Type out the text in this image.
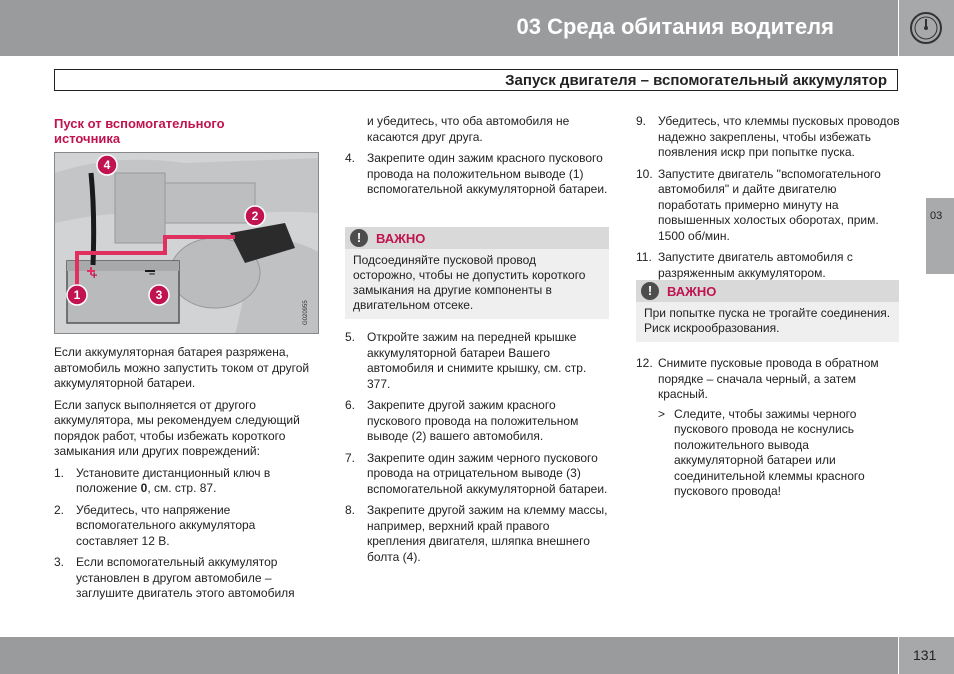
03 Среда обитания водителя
Запуск двигателя – вспомогательный аккумулятор
03
Пуск от вспомогательного
источника
4
2
1	3
+	–
G020955

Если аккумуляторная батарея разряжена, автомобиль можно запустить током от другой аккумуляторной батареи.

Если запуск выполняется от другого аккумулятора, мы рекомендуем следующий порядок работ, чтобы избежать короткого замыкания или других повреждений:

1. Установите дистанционный ключ в положение 0, см. стр. 87.
2. Убедитесь, что напряжение вспомогательного аккумулятора составляет 12 В.
3. Если вспомогательный аккумулятор установлен в другом автомобиле – заглушите двигатель этого автомобиля

и убедитесь, что оба автомобиля не касаются друг друга.

4. Закрепите один зажим красного пускового провода на положительном выводе (1) вспомогательной аккумуляторной батареи.
!	ВАЖНО
Подсоединяйте пусковой провод осторожно, чтобы не допустить короткого замыкания на другие компоненты в двигательном отсеке.
5. Откройте зажим на передней крышке аккумуляторной батареи Вашего автомобиля и снимите крышку, см. стр. 377.
6. Закрепите другой зажим красного пускового провода на положительном выводе (2) вашего автомобиля.
7. Закрепите один зажим черного пускового провода на отрицательном выводе (3) вспомогательной аккумуляторной батареи.
8. Закрепите другой зажим на клемму массы, например, верхний край правого крепления двигателя, шляпка внешнего болта (4).
9. Убедитесь, что клеммы пусковых проводов надежно закреплены, чтобы избежать появления искр при попытке пуска.
10. Запустите двигатель "вспомогательного автомобиля" и дайте двигателю поработать примерно минуту на повышенных холостых оборотах, прим. 1500 об/мин.
11. Запустите двигатель автомобиля с разряженным аккумулятором.
!	ВАЖНО
При попытке пуска не трогайте соединения. Риск искрообразования.
12. Снимите пусковые провода в обратном порядке – сначала черный, а затем красный.
> Следите, чтобы зажимы черного пускового провода не коснулись положительного вывода аккумуляторной батареи или соединительной клеммы красного пускового провода!
131
